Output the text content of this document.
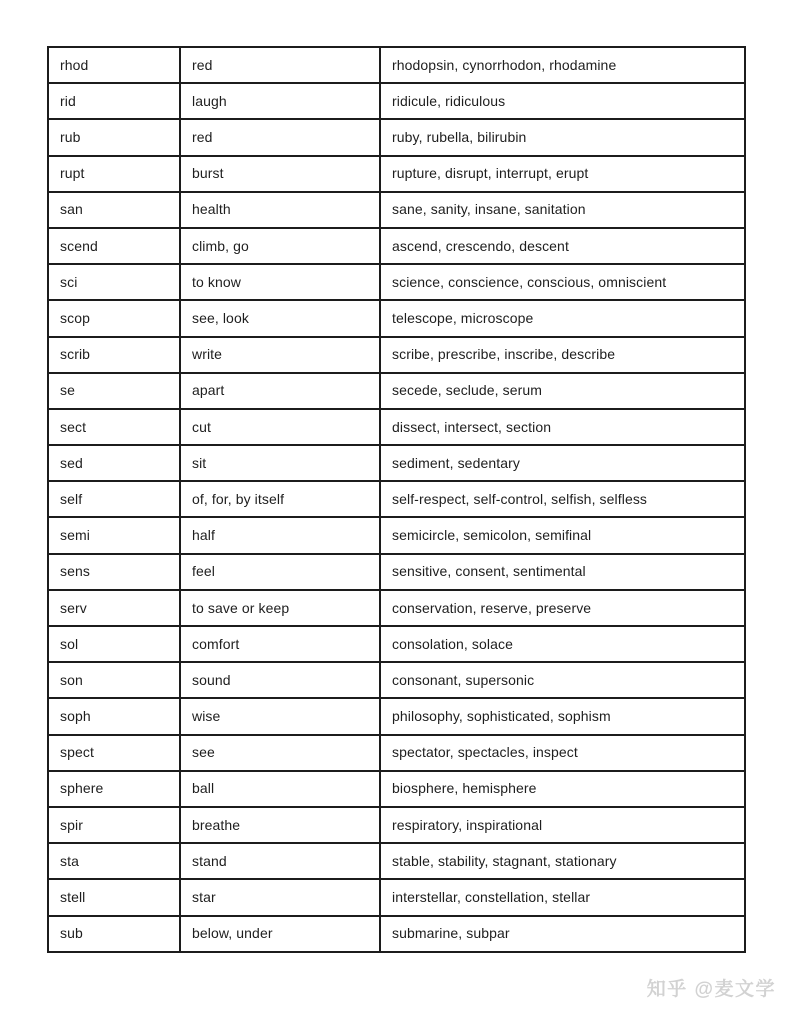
rhod	red	rhodopsin, cynorrhodon, rhodamine
rid	laugh	ridicule, ridiculous
rub	red	ruby, rubella, bilirubin
rupt	burst	rupture, disrupt, interrupt, erupt
san	health	sane, sanity, insane, sanitation
scend	climb, go	ascend, crescendo, descent
sci	to know	science, conscience, conscious, omniscient
scop	see, look	telescope, microscope
scrib	write	scribe, prescribe, inscribe, describe
se	apart	secede, seclude, serum
sect	cut	dissect, intersect, section
sed	sit	sediment, sedentary
self	of, for, by itself	self-respect, self-control, selfish, selfless
semi	half	semicircle, semicolon, semifinal
sens	feel	sensitive, consent, sentimental
serv	to save or keep	conservation, reserve, preserve
sol	comfort	consolation, solace
son	sound	consonant, supersonic
soph	wise	philosophy, sophisticated, sophism
spect	see	spectator, spectacles, inspect
sphere	ball	biosphere, hemisphere
spir	breathe	respiratory, inspirational
sta	stand	stable, stability, stagnant, stationary
stell	star	interstellar, constellation, stellar
sub	below, under	submarine, subpar
知乎 @麦文学
